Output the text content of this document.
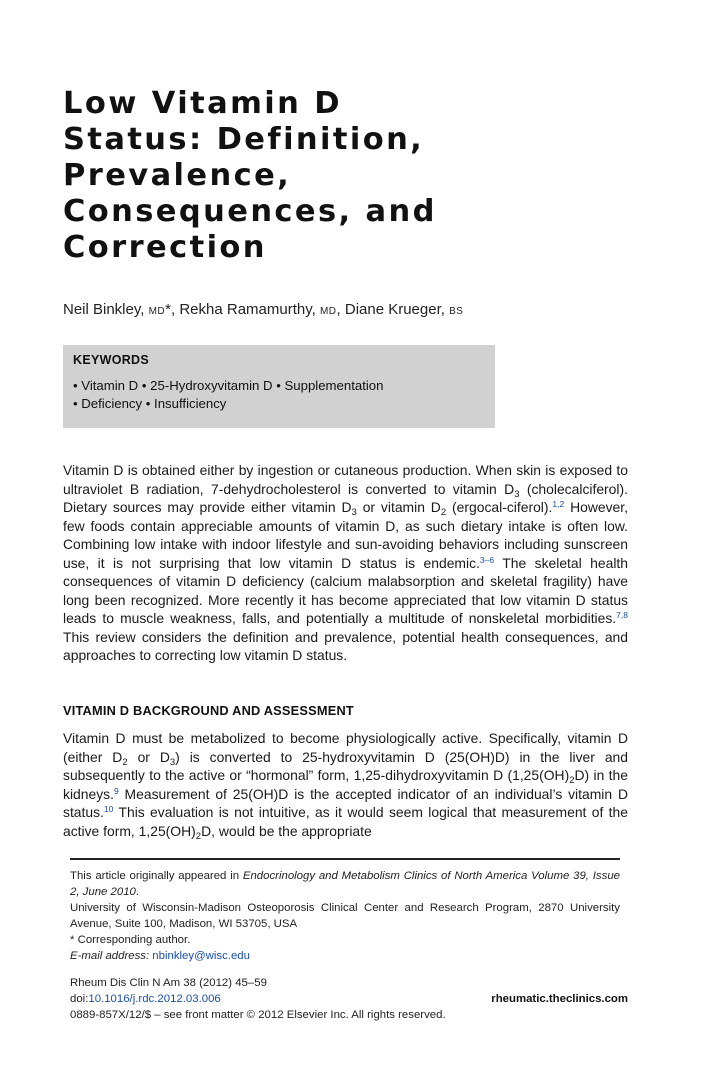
Low Vitamin D
Status: Definition,
Prevalence,
Consequences, and
Correction
Neil Binkley, MD*, Rekha Ramamurthy, MD, Diane Krueger, BS

KEYWORDS

• Vitamin D • 25-Hydroxyvitamin D • Supplementation
• Deficiency • Insufficiency

Vitamin D is obtained either by ingestion or cutaneous production. When skin is exposed to ultraviolet B radiation, 7-dehydrocholesterol is converted to vitamin $D_3$ (cholecalciferol). Dietary sources may provide either vitamin $D_3$ or vitamin $D_2$ (ergocal-ciferol).$^{1,2}$ However, few foods contain appreciable amounts of vitamin D, as such dietary intake is often low. Combining low intake with indoor lifestyle and sun-avoiding behaviors including sunscreen use, it is not surprising that low vitamin D status is endemic.$^{3-6}$ The skeletal health consequences of vitamin D deficiency (calcium malabsorption and skeletal fragility) have long been recognized. More recently it has become appreciated that low vitamin D status leads to muscle weakness, falls, and potentially a multitude of nonskeletal morbidities.$^{7,8}$ This review considers the definition and prevalence, potential health consequences, and approaches to correcting low vitamin D status.

VITAMIN D BACKGROUND AND ASSESSMENT

Vitamin D must be metabolized to become physiologically active. Specifically, vitamin D (either $D_2$ or $D_3$) is converted to 25-hydroxyvitamin D (25(OH)D) in the liver and subsequently to the active or “hormonal” form, 1,25-dihydroxyvitamin D $(1,25(OH)_2D)$ in the kidneys.$^9$ Measurement of 25(OH)D is the accepted indicator of an individual’s vitamin D status.$^{10}$ This evaluation is not intuitive, as it would seem logical that measurement of the active form, $1,25(OH)_2D$, would be the appropriate

This article originally appeared in Endocrinology and Metabolism Clinics of North America Volume 39, Issue 2, June 2010.

University of Wisconsin-Madison Osteoporosis Clinical Center and Research Program, 2870 University Avenue, Suite 100, Madison, WI 53705, USA

* Corresponding author.

E-mail address: nbinkley@wisc.edu

Rheum Dis Clin N Am 38 (2012) 45–59

doi:10.1016/j.rdc.2012.03.006	rheumatic.theclinics.com

0889-857X/12/$ – see front matter © 2012 Elsevier Inc. All rights reserved.
